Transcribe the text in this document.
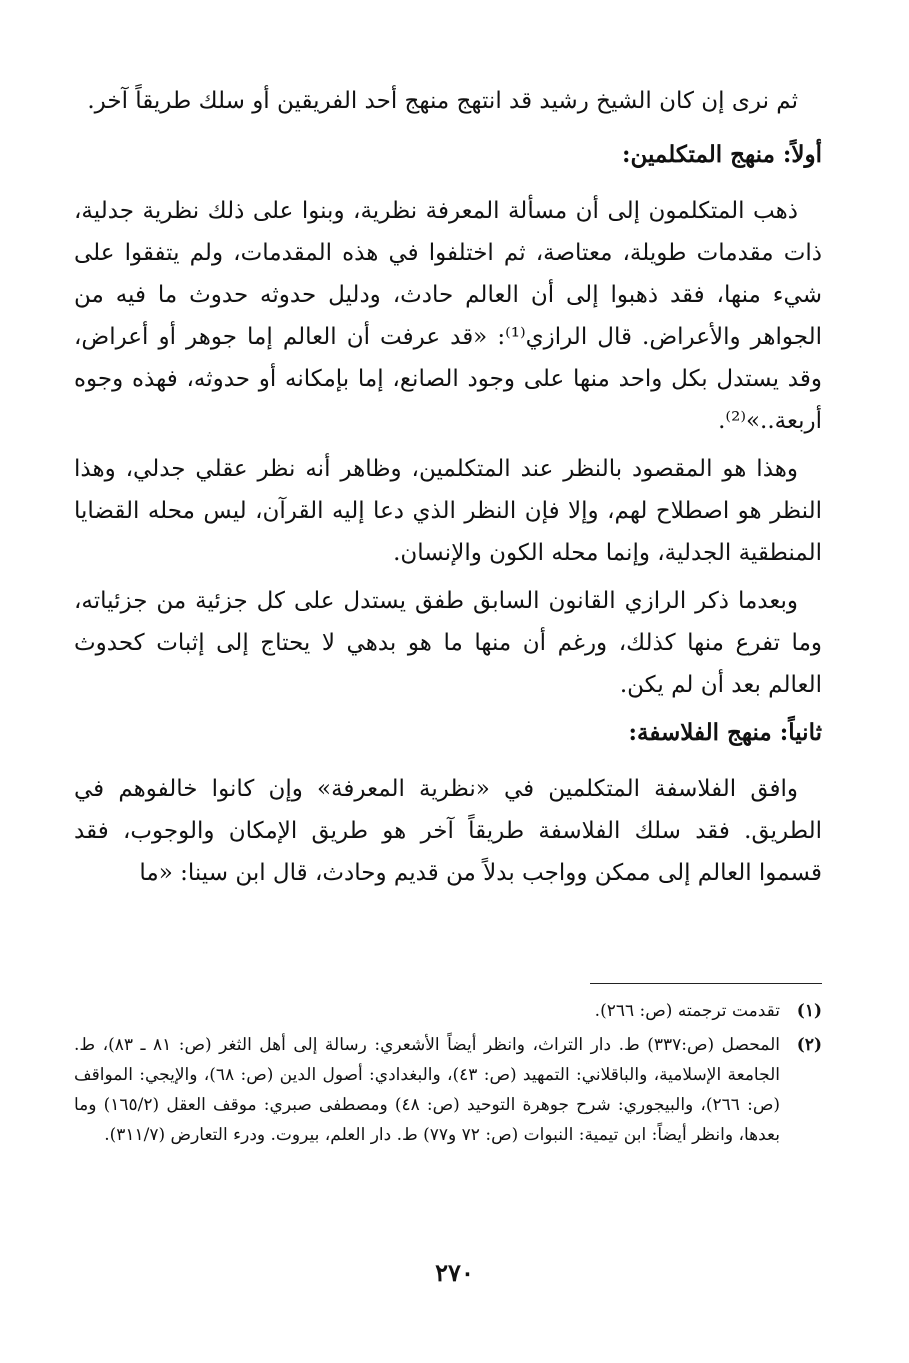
ثم نرى إن كان الشيخ رشيد قد انتهج منهج أحد الفريقين أو سلك طريقاً آخر.

أولاً: منهج المتكلمين:

ذهب المتكلمون إلى أن مسألة المعرفة نظرية، وبنوا على ذلك نظرية جدلية، ذات مقدمات طويلة، معتاصة، ثم اختلفوا في هذه المقدمات، ولم يتفقوا على شيء منها، فقد ذهبوا إلى أن العالم حادث، ودليل حدوثه حدوث ما فيه من الجواهر والأعراض. قال الرازي⁽¹⁾: «قد عرفت أن العالم إما جوهر أو أعراض، وقد يستدل بكل واحد منها على وجود الصانع، إما بإمكانه أو حدوثه، فهذه وجوه أربعة..»⁽²⁾.

وهذا هو المقصود بالنظر عند المتكلمين، وظاهر أنه نظر عقلي جدلي، وهذا النظر هو اصطلاح لهم، وإلا فإن النظر الذي دعا إليه القرآن، ليس محله القضايا المنطقية الجدلية، وإنما محله الكون والإنسان.

وبعدما ذكر الرازي القانون السابق طفق يستدل على كل جزئية من جزئياته، وما تفرع منها كذلك، ورغم أن منها ما هو بدهي لا يحتاج إلى إثبات كحدوث العالم بعد أن لم يكن.

ثانياً: منهج الفلاسفة:

وافق الفلاسفة المتكلمين في «نظرية المعرفة» وإن كانوا خالفوهم في الطريق. فقد سلك الفلاسفة طريقاً آخر هو طريق الإمكان والوجوب، فقد قسموا العالم إلى ممكن وواجب بدلاً من قديم وحادث، قال ابن سينا: «ما

(١)
تقدمت ترجمته (ص: ٢٦٦).
(٢)
المحصل (ص:٣٣٧) ط. دار التراث، وانظر أيضاً الأشعري: رسالة إلى أهل الثغر (ص: ٨١ ـ ٨٣)، ط. الجامعة الإسلامية، والباقلاني: التمهيد (ص: ٤٣)، والبغدادي: أصول الدين (ص: ٦٨)، والإيجي: المواقف (ص: ٢٦٦)، والبيجوري: شرح جوهرة التوحيد (ص: ٤٨) ومصطفى صبري: موقف العقل (١٦٥/٢) وما بعدها، وانظر أيضاً: ابن تيمية: النبوات (ص: ٧٢ و٧٧) ط. دار العلم، بيروت. ودرء التعارض (٣١١/٧).
٢٧٠
